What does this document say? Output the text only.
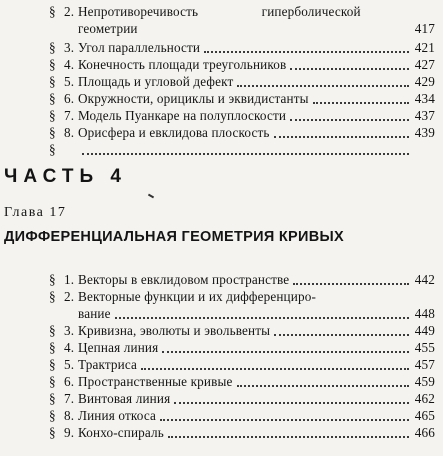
§ 2. Непротиворечивость гиперболической
геометрии	417
§ 3. Угол параллельности	421
§ 4. Конечность площади треугольников	427
§ 5. Площадь и угловой дефект	429
§ 6. Окружности, орициклы и эквидистанты	434
§ 7. Модель Пуанкаре на полуплоскости	437
§ 8. Орисфера и евклидова плоскость	439
§
ЧАСТЬ 4
Глава 17
ДИФФЕРЕНЦИАЛЬНАЯ ГЕОМЕТРИЯ КРИВЫХ
§ 1. Векторы в евклидовом пространстве	442
§ 2. Векторные функции и их дифференциро-
вание	448
§ 3. Кривизна, эволюты и эвольвенты	449
§ 4. Цепная линия	455
§ 5. Трактриса	457
§ 6. Пространственные кривые	459
§ 7. Винтовая линия	462
§ 8. Линия откоса	465
§ 9. Конхо-спираль	466
